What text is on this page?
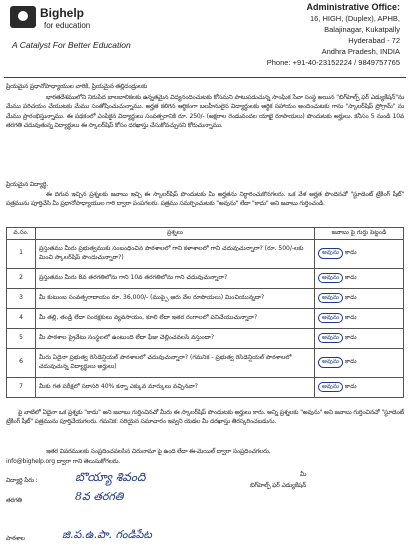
Bighelp
for education
A Catalyst For Better Education
Administrative Office:
16, HIGH, (Duplex), APHB,
Balajinagar, Kukatpally
Hyderabad - 72
Andhra Pradesh, INDIA
Phone: +91-40-23152224 / 9849757765
ప్రియమైన ప్రధానోపాధ్యాయుల వారికి, ప్రియమైన తల్లిదండ్రులకు
భారతదేశములోని నిరుపేద బాలబాలికలకు ఉన్నతమైన విద్యనందించుటకు కోసమని పాటుపడుచున్న సాంఘిక సేవా సంస్థ అయిన "బిగ్‌హెల్ప్ ఫర్ ఎడ్యుకేషన్"ను మేము పరిచయం చేయుటకు మేము సంతోషించుచున్నాము. అర్హత కలిగిన ఆర్థికంగా బలహీనులైన విద్యార్థులకు ఆర్థిక సహాయం అందించుటకు గాను "స్కాలర్‌షిప్ ప్రోగ్రామ్" ను మేము ప్రారంభిస్తున్నాము. ఈ పథకంలో ఎంపికైన విద్యార్థులు సంవత్సరానికి రూ. 250/- (అక్షరాల రెండువందల యాభై రూపాయలు) పొందుటకు అర్హులు. కనీసం 5 నుండి 10వ తరగతి చదువుతున్న విద్యార్థులు ఈ స్కాలర్‌షిప్ కోసం దరఖాస్తు చేసుకోవచ్చునని కోరుచున్నాము.
ప్రియమైన విద్యార్థి,
ఈ దిగువ ఇచ్చిన ప్రశ్నలకు జవాబు ఇచ్చి ఈ స్కాలర్‌షిప్ పొందుటకు మీ అర్హతను నిర్ధారించుకొనగలరు. ఒక వేళ అర్హత పొందినచో "స్టూడెంట్ ట్రేకింగ్ షీట్" పత్రమును పూర్తిచేసి మీ ప్రధానోపాధ్యాయుల గారి ద్వారా పంపగలరు. పత్రము సమర్పించుటకు "అవును" లేదా "కాదు" అని జవాబు గుర్తించండి.
వ.సం.	ప్రశ్నలు	జవాబు పై గుర్తు పెట్టండి
1	ప్రస్తుతము మీరు ప్రభుత్వముకు సంబంధించిన పాఠశాలలో గాని కళాశాలలో గాని చదువుచున్నారా? (రూ. 500/-లకు మించి స్కాలర్‌షిప్ పొందుచున్నారా?)	అవును కాదు
2	ప్రస్తుతము మీరు 8వ తరగతిలోను గాని 10వ తరగతిలోను గాని చదువుచున్నారా?	అవును కాదు
3	మీ కుటుంబ సంవత్సరాదాయం రూ. 36,000/- (ముప్పై ఆరు వేల రూపాయలు) మించియున్నదా?	అవును కాదు
4	మీ తల్లి, తండ్రి లేదా సంరక్షకులు వ్యవసాయం, కూలి లేదా ఇతర రంగాలలో పనిచేయుచున్నారా?	అవును కాదు
5	మీ పాఠశాల ప్రైవేటు సంస్థలలో ఉంటుంది లేదా ఫీజు చెల్లించవలసి వస్తుందా?	అవును కాదు
6	మీరు ఏదైనా ప్రభుత్వ రెసిడెన్షియల్ పాఠశాలలో చదువుచున్నారా? (గమనిక - ప్రభుత్వ రెసిడెన్షియల్ పాఠశాలలో చదువుచున్న విద్యార్థులు అర్హులు)	అవును కాదు
7	మీకు గత పరీక్షలో సరాసరి 40% కన్నా ఎక్కువ మార్కులు వచ్చినవా?	అవును కాదు
పై వాటిలో ఏదైనా ఒక ప్రశ్నకు "కాదు" అని జవాబు గుర్తించినచో మీరు ఈ స్కాలర్‌షిప్ పొందుటకు అర్హులు కారు. అన్ని ప్రశ్నలకు "అవును" అని జవాబు గుర్తించినచో "స్టూడెంట్ ట్రేకింగ్ షీట్" పత్రమును పూర్తిచేయగలరు. గమనిక: సరియైన సమాచారం ఇవ్వని యెడల మీ దరఖాస్తు తిరస్కరించబడును.
ఇతర వివరములకు సంప్రదించవలసిన చిరునామా పై ఉంది లేదా ఈ-మెయిల్ ద్వారా సంప్రదించగలరు.
info@bighelp.org ద్వారా గాని తెలుసుకోగలరు.
విద్యార్థి పేరు :	బొయ్యా శివంది
తరగతి	8వ తరగతి
పాఠశాల	జి.ప.ఉ.పా. గండిపేట
మీ
బిగ్‌హెల్ప్ ఫర్ ఎడ్యుకేషన్
